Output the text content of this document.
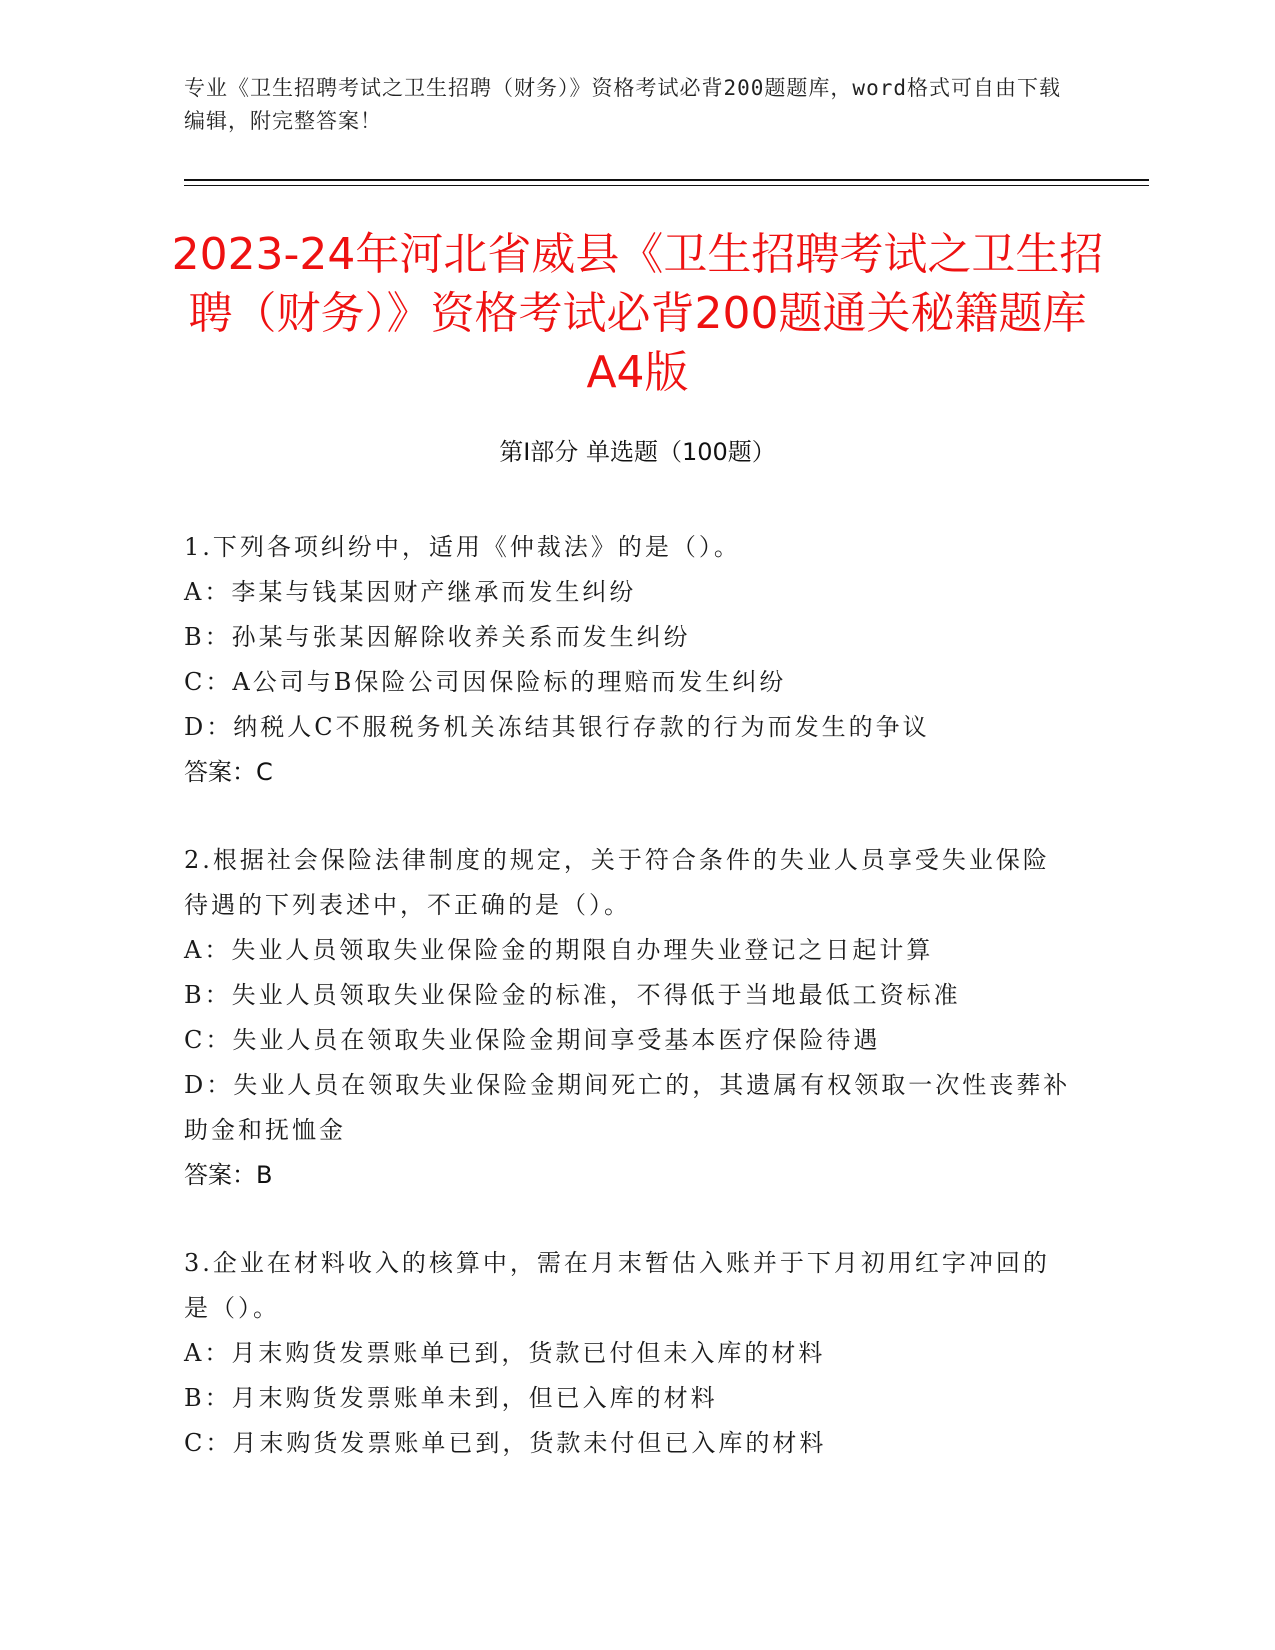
专业《卫生招聘考试之卫生招聘（财务）》资格考试必背200题题库，word格式可自由下载编辑，附完整答案！
2023-24年河北省威县《卫生招聘考试之卫生招聘（财务）》资格考试必背200题通关秘籍题库A4版
第Ⅰ部分 单选题（100题）
1.下列各项纠纷中，适用《仲裁法》的是（）。
A：李某与钱某因财产继承而发生纠纷
B：孙某与张某因解除收养关系而发生纠纷
C：A公司与B保险公司因保险标的理赔而发生纠纷
D：纳税人C不服税务机关冻结其银行存款的行为而发生的争议
答案：C
2.根据社会保险法律制度的规定，关于符合条件的失业人员享受失业保险待遇的下列表述中，不正确的是（）。
A：失业人员领取失业保险金的期限自办理失业登记之日起计算
B：失业人员领取失业保险金的标准，不得低于当地最低工资标准
C：失业人员在领取失业保险金期间享受基本医疗保险待遇
D：失业人员在领取失业保险金期间死亡的，其遗属有权领取一次性丧葬补助金和抚恤金
答案：B
3.企业在材料收入的核算中，需在月末暂估入账并于下月初用红字冲回的是（）。
A：月末购货发票账单已到，货款已付但未入库的材料
B：月末购货发票账单未到，但已入库的材料
C：月末购货发票账单已到，货款未付但已入库的材料
